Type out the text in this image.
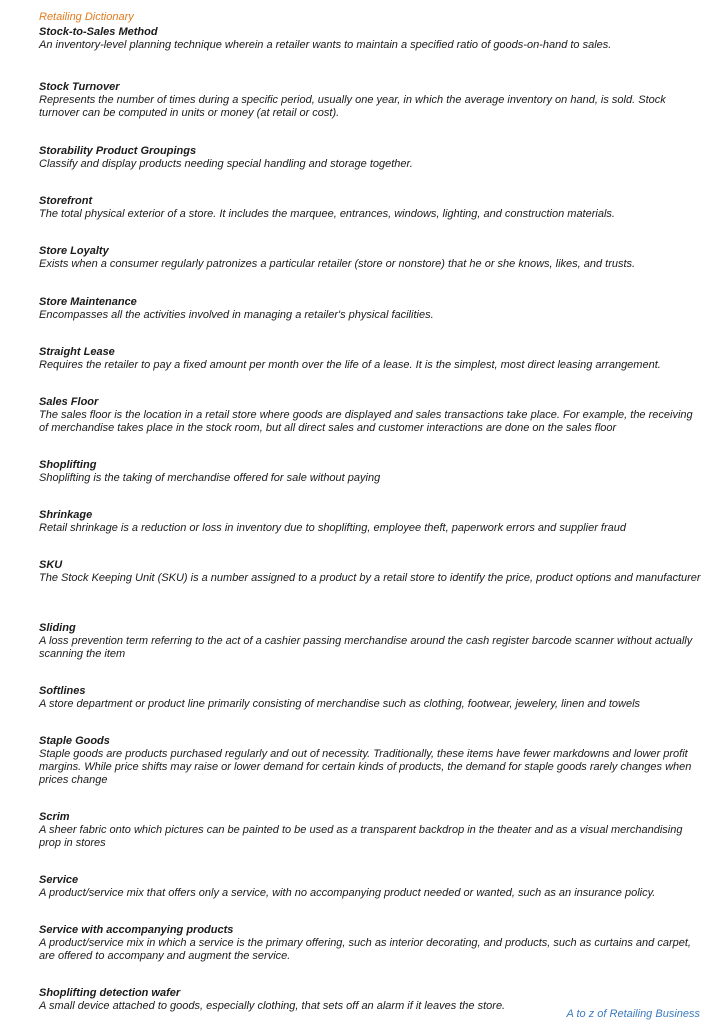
Retailing Dictionary
Stock-to-Sales Method
An inventory-level planning technique wherein a retailer wants to maintain a specified ratio of goods-on-hand to sales.
Stock Turnover
Represents the number of times during a specific period, usually one year, in which the average inventory on hand, is sold. Stock turnover can be computed in units or money (at retail or cost).
Storability Product Groupings
Classify and display products needing special handling and storage together.
Storefront
The total physical exterior of a store. It includes the marquee, entrances, windows, lighting, and construction materials.
Store Loyalty
Exists when a consumer regularly patronizes a particular retailer (store or nonstore) that he or she knows, likes, and trusts.
Store Maintenance
Encompasses all the activities involved in managing a retailer's physical facilities.
Straight Lease
Requires the retailer to pay a fixed amount per month over the life of a lease. It is the simplest, most direct leasing arrangement.
Sales Floor
The sales floor is the location in a retail store where goods are displayed and sales transactions take place. For example, the receiving of merchandise takes place in the stock room, but all direct sales and customer interactions are done on the sales floor
Shoplifting
Shoplifting is the taking of merchandise offered for sale without paying
Shrinkage
Retail shrinkage is a reduction or loss in inventory due to shoplifting, employee theft, paperwork errors and supplier fraud
SKU
The Stock Keeping Unit (SKU) is a number assigned to a product by a retail store to identify the price, product options and manufacturer
Sliding
A loss prevention term referring to the act of a cashier passing merchandise around the cash register barcode scanner without actually scanning the item
Softlines
A store department or product line primarily consisting of merchandise such as clothing, footwear, jewelery, linen and towels
Staple Goods
Staple goods are products purchased regularly and out of necessity. Traditionally, these items have fewer markdowns and lower profit margins. While price shifts may raise or lower demand for certain kinds of products, the demand for staple goods rarely changes when prices change
Scrim
A sheer fabric onto which pictures can be painted to be used as a transparent backdrop in the theater and as a visual merchandising prop in stores
Service
A product/service mix that offers only a service, with no accompanying product needed or wanted, such as an insurance policy.
Service with accompanying products
A product/service mix in which a service is the primary offering, such as interior decorating, and products, such as curtains and carpet, are offered to accompany and augment the service.
Shoplifting detection wafer
A small device attached to goods, especially clothing, that sets off an alarm if it leaves the store.
A to z of Retailing Business
